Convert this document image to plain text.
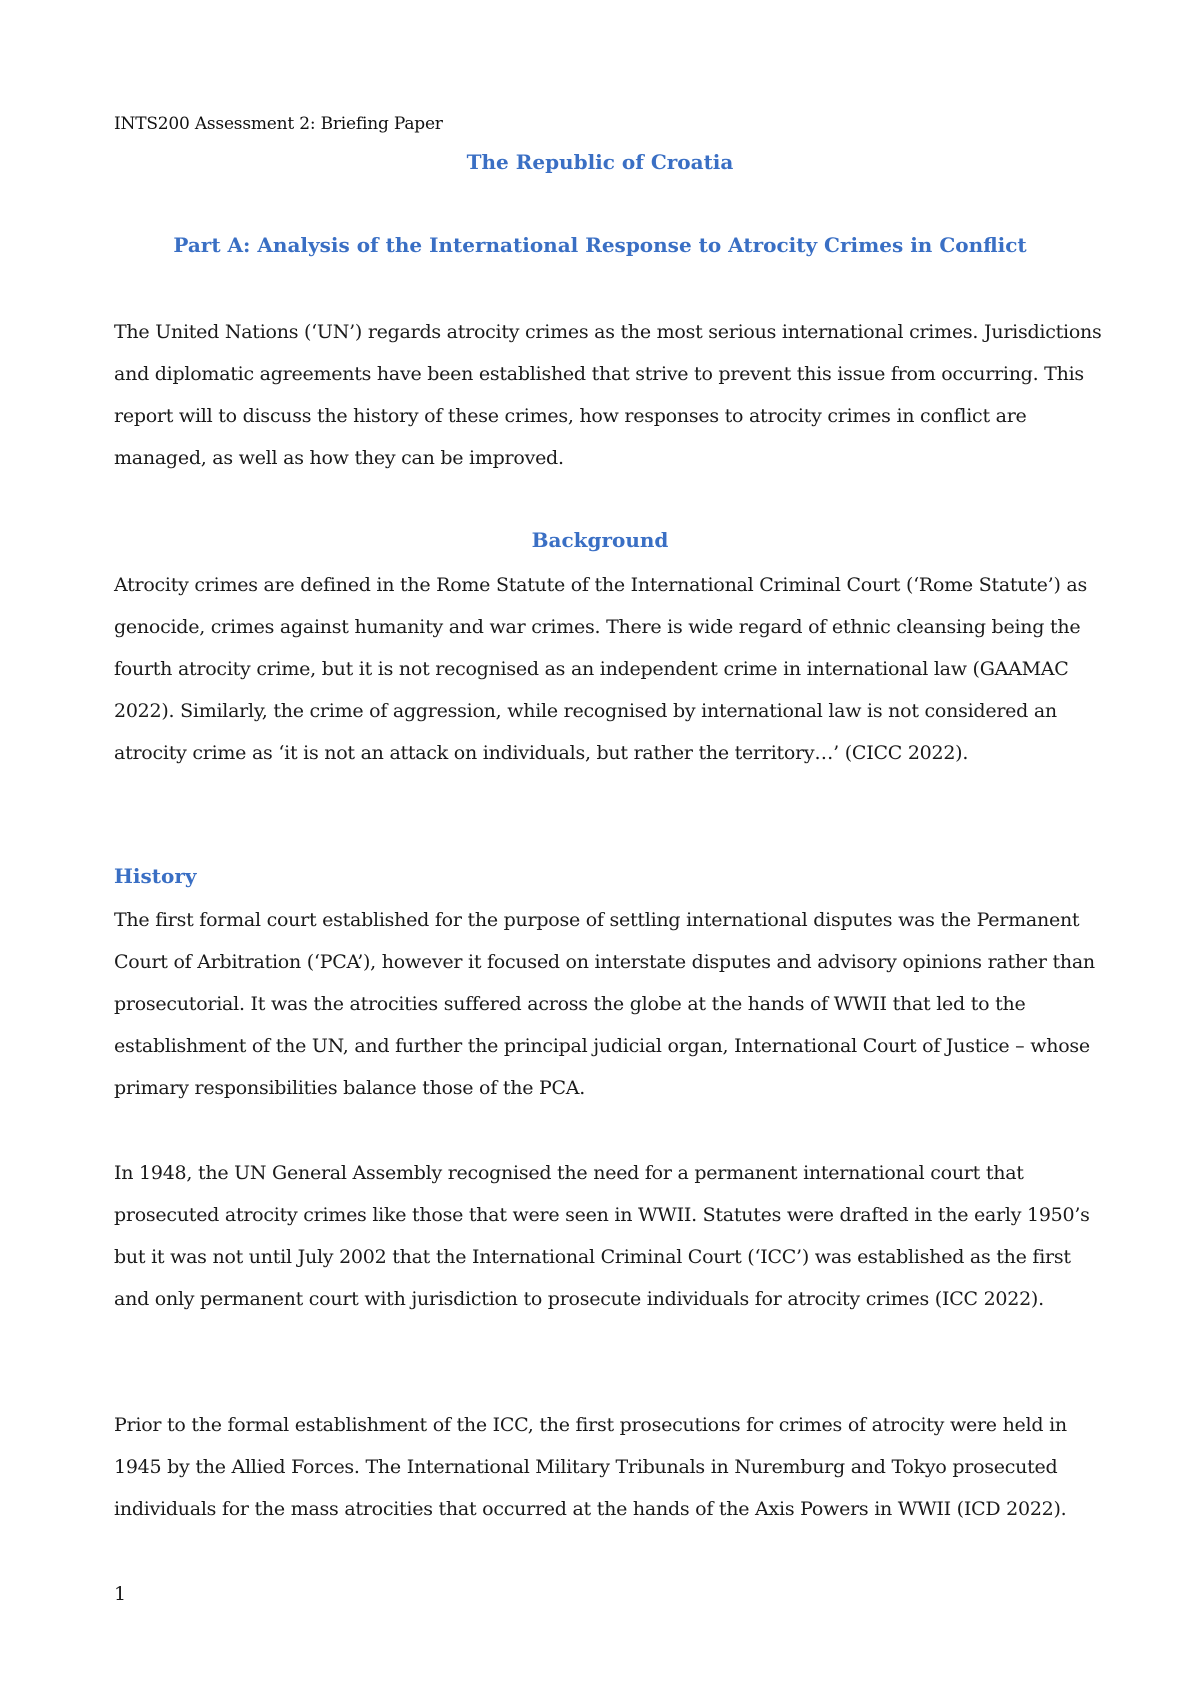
INTS200 Assessment 2: Briefing Paper
The Republic of Croatia
Part A: Analysis of the International Response to Atrocity Crimes in Conflict
The United Nations (‘UN’) regards atrocity crimes as the most serious international crimes. Jurisdictions and diplomatic agreements have been established that strive to prevent this issue from occurring. This report will to discuss the history of these crimes, how responses to atrocity crimes in conflict are managed, as well as how they can be improved.
Background
Atrocity crimes are defined in the Rome Statute of the International Criminal Court (‘Rome Statute’) as genocide, crimes against humanity and war crimes. There is wide regard of ethnic cleansing being the fourth atrocity crime, but it is not recognised as an independent crime in international law (GAAMAC 2022). Similarly, the crime of aggression, while recognised by international law is not considered an atrocity crime as ‘it is not an attack on individuals, but rather the territory…’ (CICC 2022).
History
The first formal court established for the purpose of settling international disputes was the Permanent Court of Arbitration (‘PCA’), however it focused on interstate disputes and advisory opinions rather than prosecutorial. It was the atrocities suffered across the globe at the hands of WWII that led to the establishment of the UN, and further the principal judicial organ, International Court of Justice – whose primary responsibilities balance those of the PCA.
In 1948, the UN General Assembly recognised the need for a permanent international court that prosecuted atrocity crimes like those that were seen in WWII. Statutes were drafted in the early 1950’s but it was not until July 2002 that the International Criminal Court (‘ICC’) was established as the first and only permanent court with jurisdiction to prosecute individuals for atrocity crimes (ICC 2022).
Prior to the formal establishment of the ICC, the first prosecutions for crimes of atrocity were held in 1945 by the Allied Forces. The International Military Tribunals in Nuremburg and Tokyo prosecuted individuals for the mass atrocities that occurred at the hands of the Axis Powers in WWII (ICD 2022).
1
